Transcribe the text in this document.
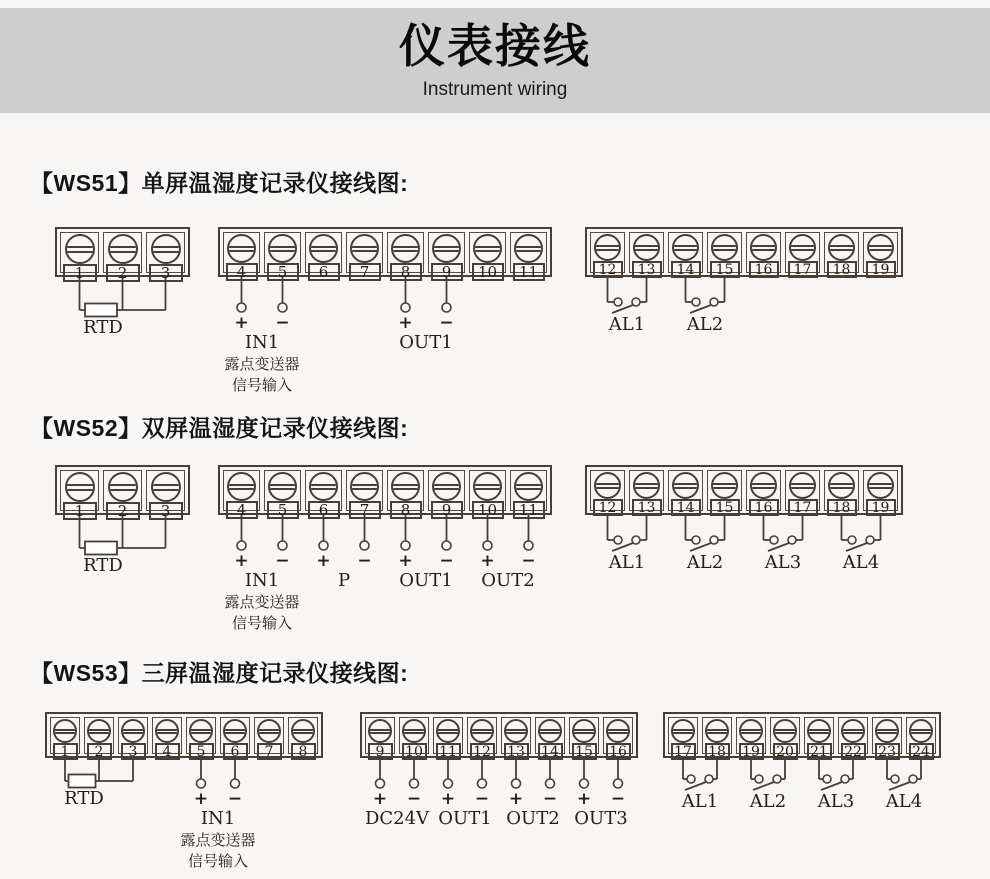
仪表接线
Instrument wiring
【WS51】单屏温湿度记录仪接线图:
1	2	3	4	5	6	7	8	9	10	11	12	13	14	15	16	17	18	19
RTD	+ −
IN1
露点变送器
信号输入
+ −
OUT1
AL1 AL2
【WS52】双屏温湿度记录仪接线图:
1	2	3	4	5	6	7	8	9	10	11	12	13	14	15	16	17	18	19
RTD	+ −
IN1
露点变送器
信号输入
+ −
P
+ −
OUT1
+ −
OUT2
AL1 AL2 AL3 AL4
【WS53】三屏温湿度记录仪接线图:
1	2	3	4	5	6	7	8	9	10 11 12 13 14 15 16	17 18 19 20 21 22 23 24
RTD	+ −
IN1
露点变送器
信号输入
+ −
DC24V
+ −
OUT1
+ −
OUT2
+ −
OUT3
AL1 AL2 AL3 AL4
